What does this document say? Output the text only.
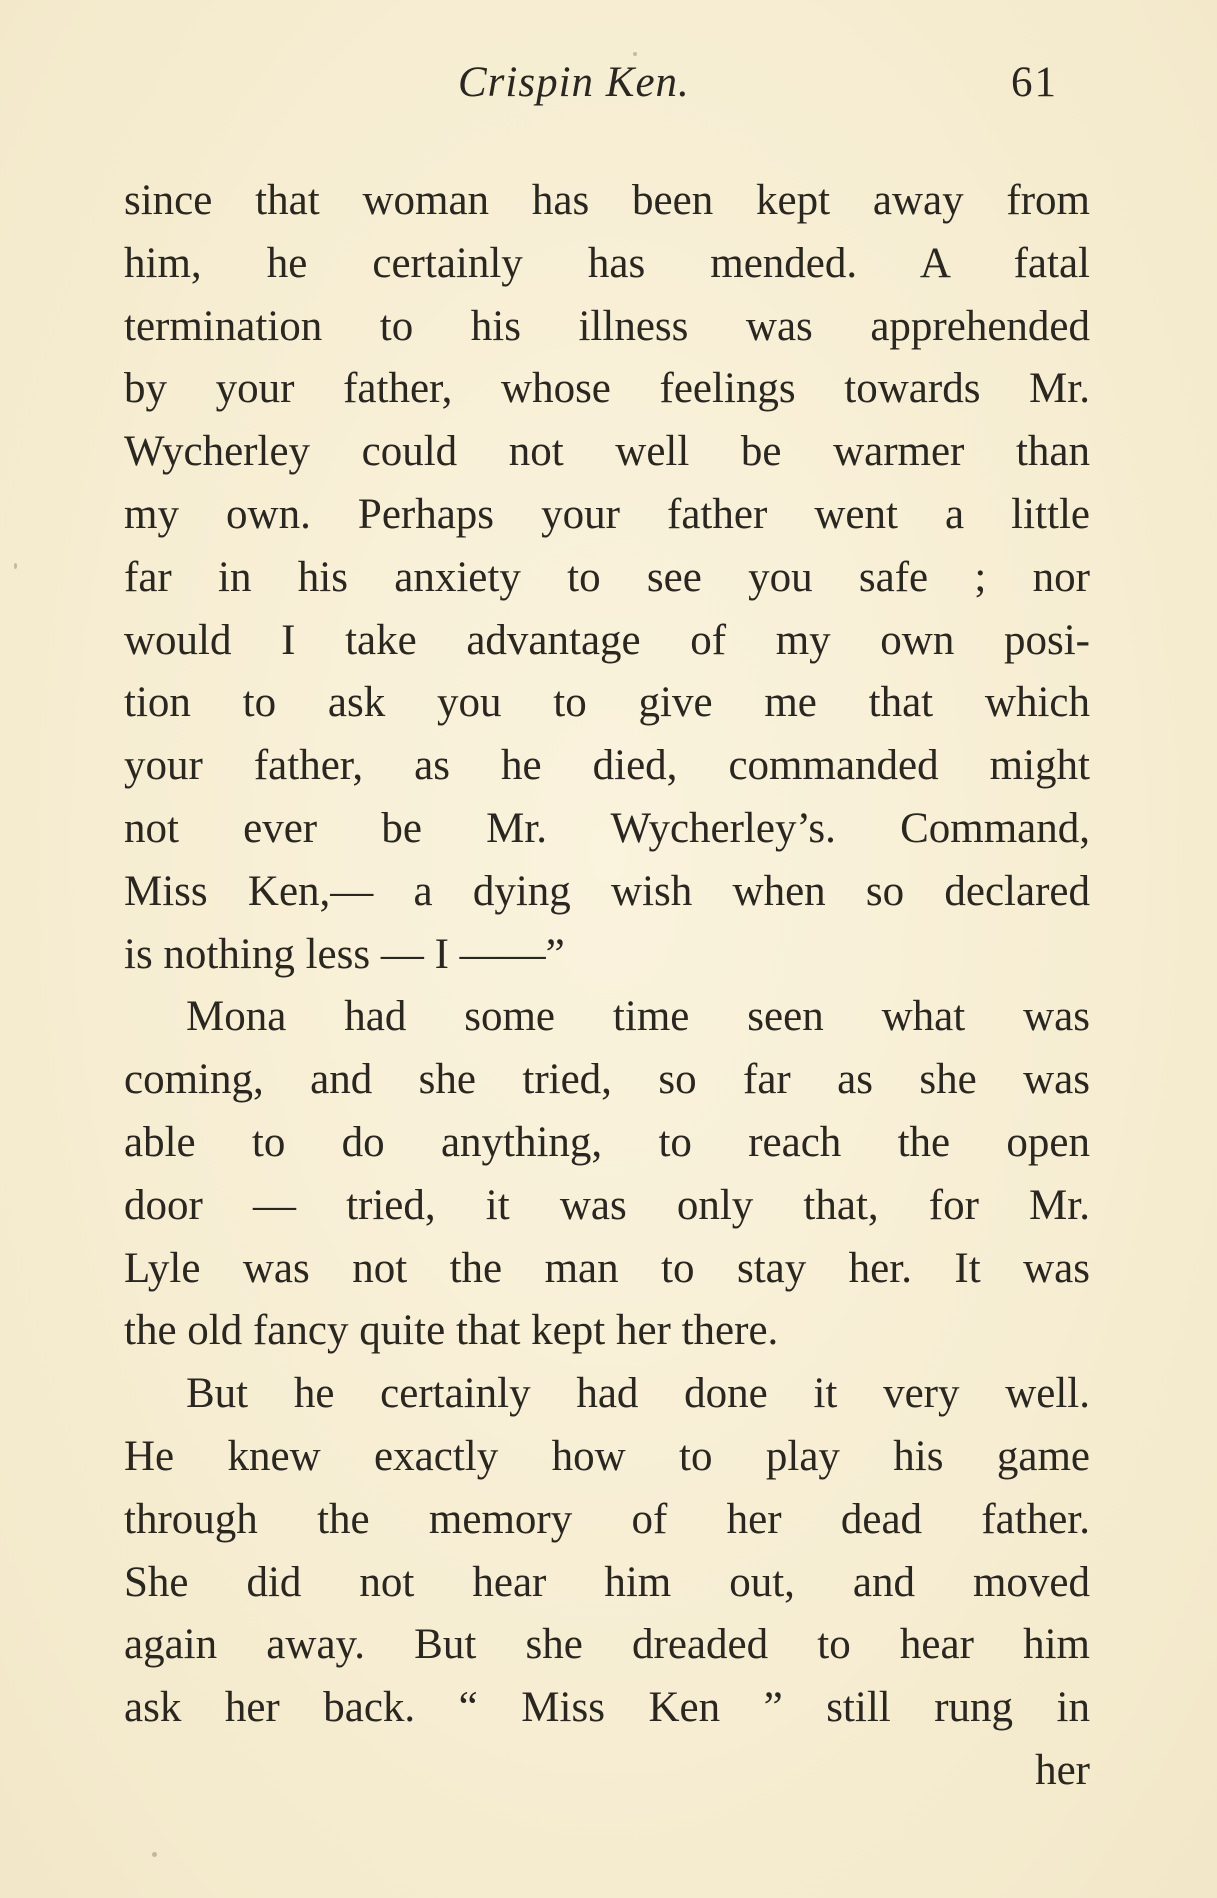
Crispin Ken.	61
since that woman has been kept away from
him, he certainly has mended. A fatal
termination to his illness was apprehended
by your father, whose feelings towards Mr.
Wycherley could not well be warmer than
my own. Perhaps your father went a little
far in his anxiety to see you safe ; nor
would I take advantage of my own posi-
tion to ask you to give me that which
your father, as he died, commanded might
not ever be Mr. Wycherley’s. Command,
Miss Ken,— a dying wish when so declared
is nothing less — I ——”
Mona had some time seen what was
coming, and she tried, so far as she was
able to do anything, to reach the open
door — tried, it was only that, for Mr.
Lyle was not the man to stay her. It was
the old fancy quite that kept her there.
But he certainly had done it very well.
He knew exactly how to play his game
through the memory of her dead father.
She did not hear him out, and moved
again away. But she dreaded to hear him
ask her back. “ Miss Ken ” still rung in
her
